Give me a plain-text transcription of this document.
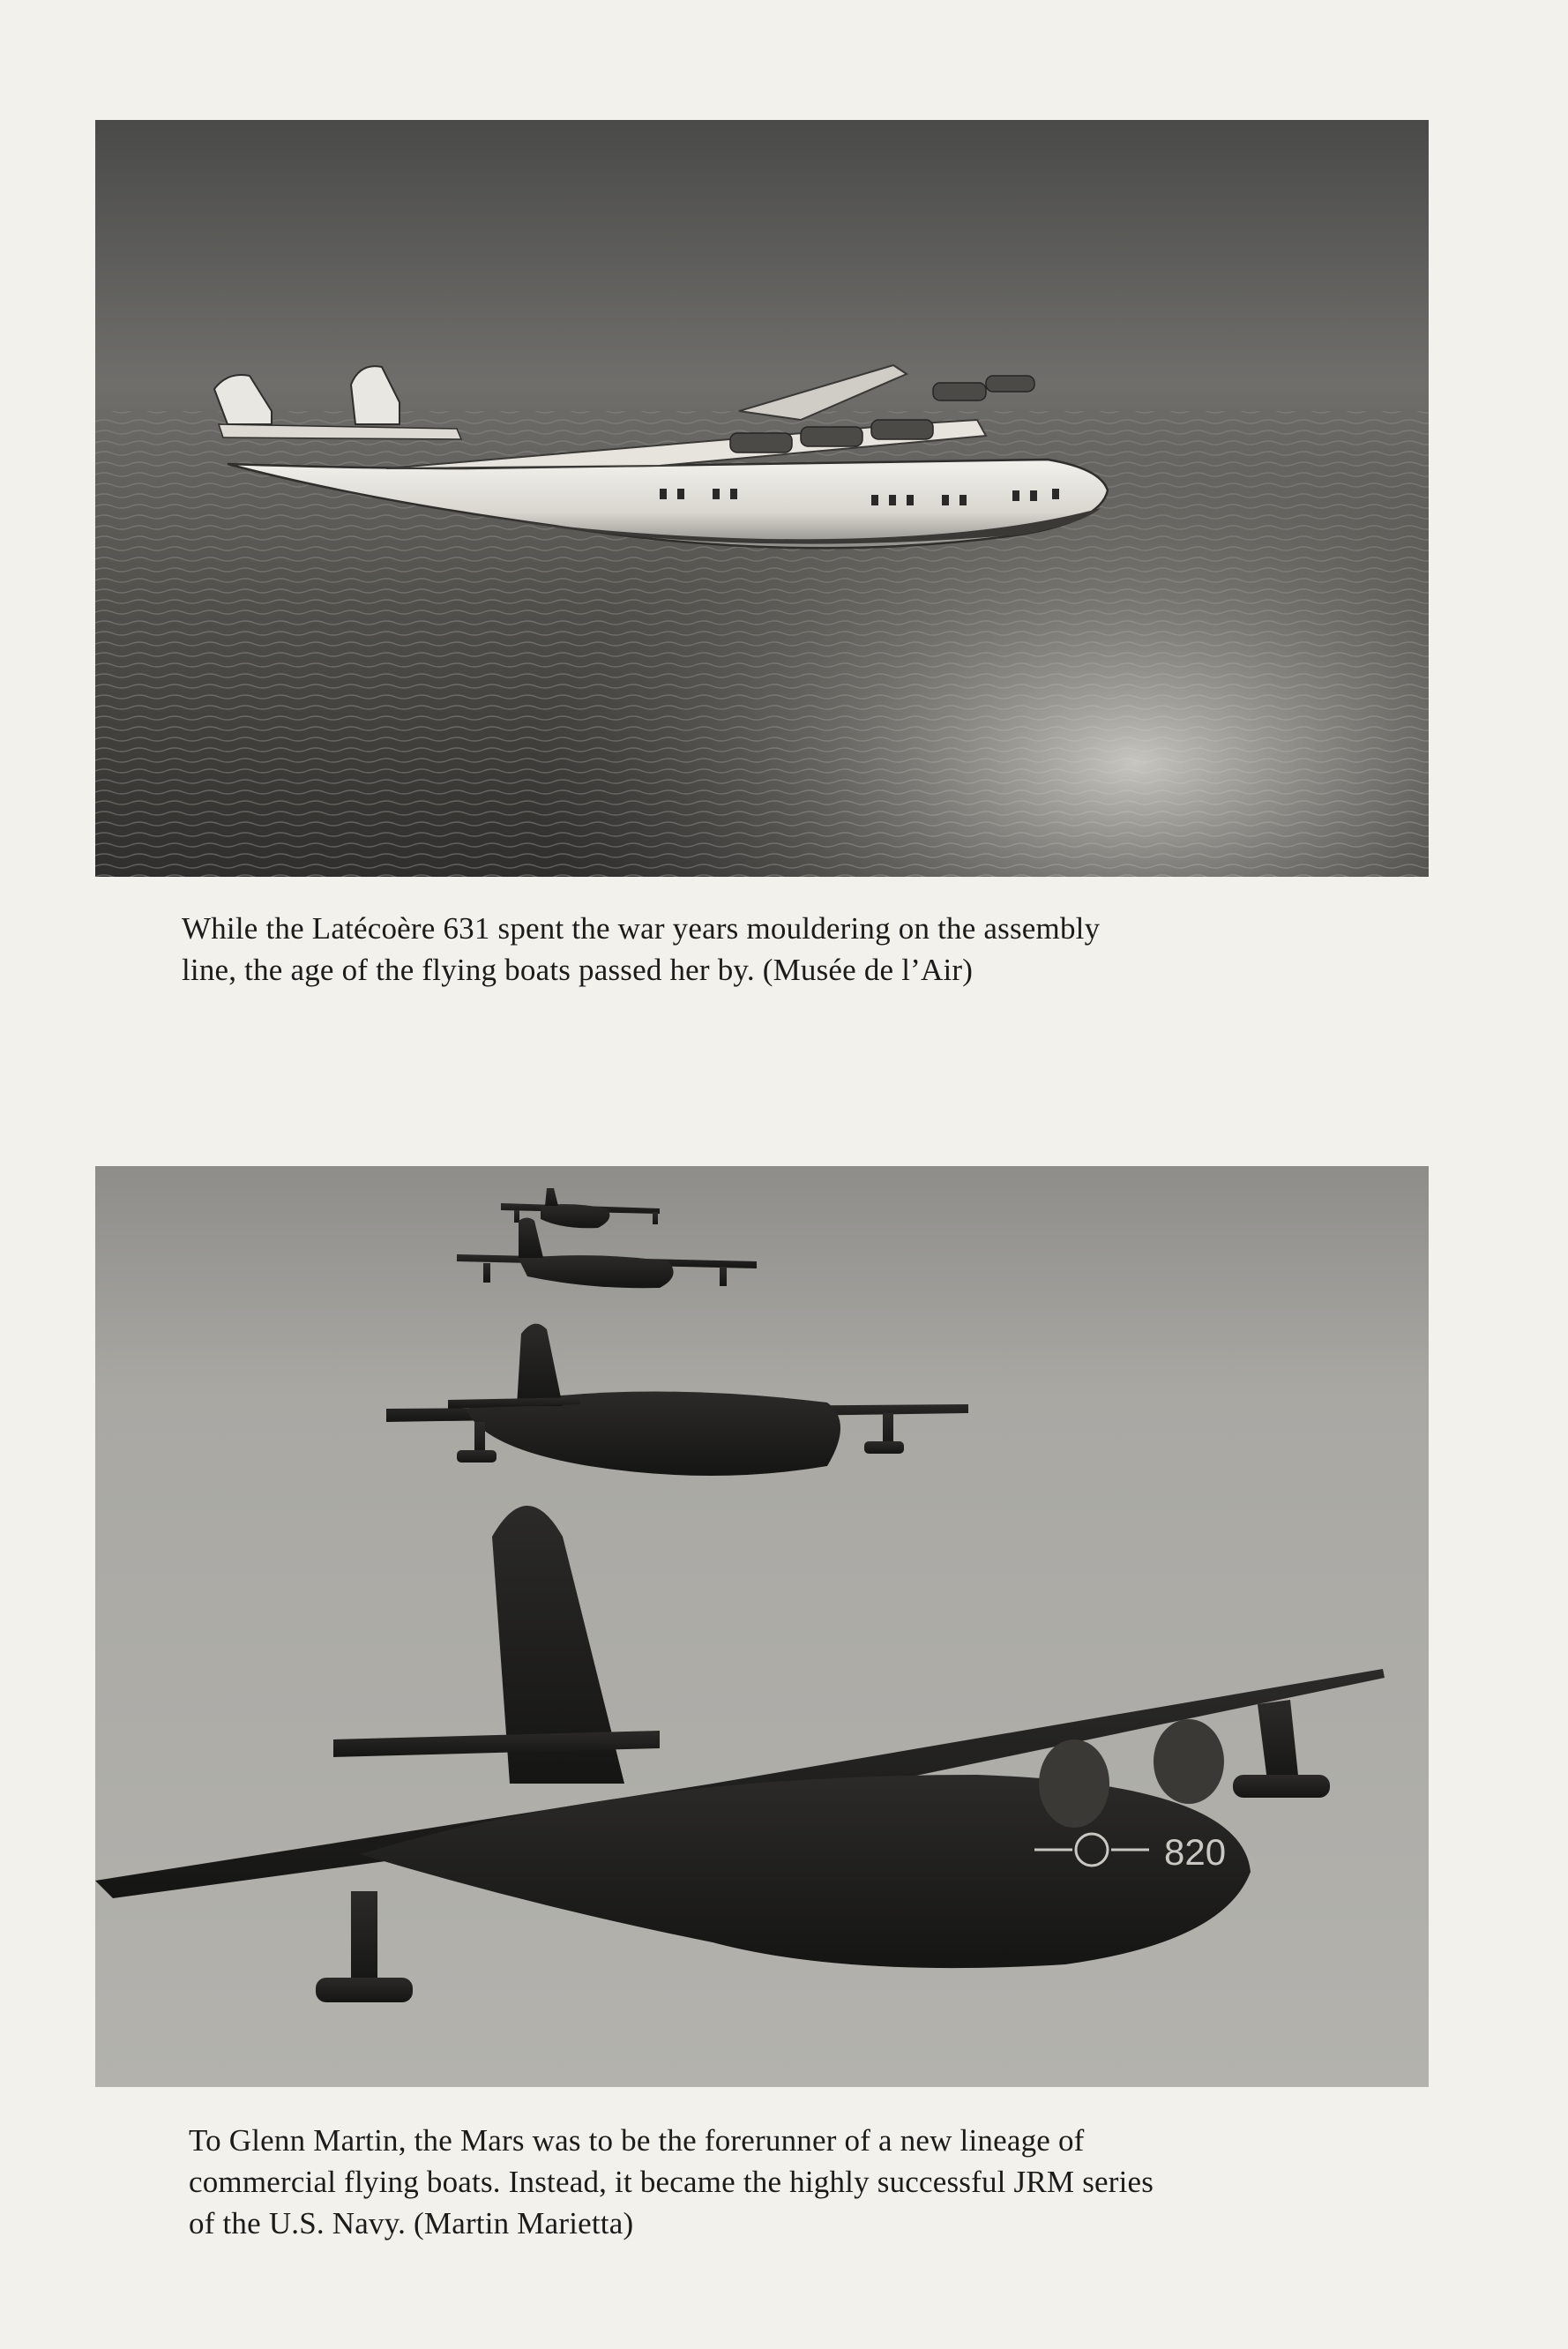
While the Latécoère 631 spent the war years mouldering on the assembly
line, the age of the flying boats passed her by. (Musée de l’Air)

820

To Glenn Martin, the Mars was to be the forerunner of a new lineage of
commercial flying boats. Instead, it became the highly successful JRM series
of the U.S. Navy. (Martin Marietta)
